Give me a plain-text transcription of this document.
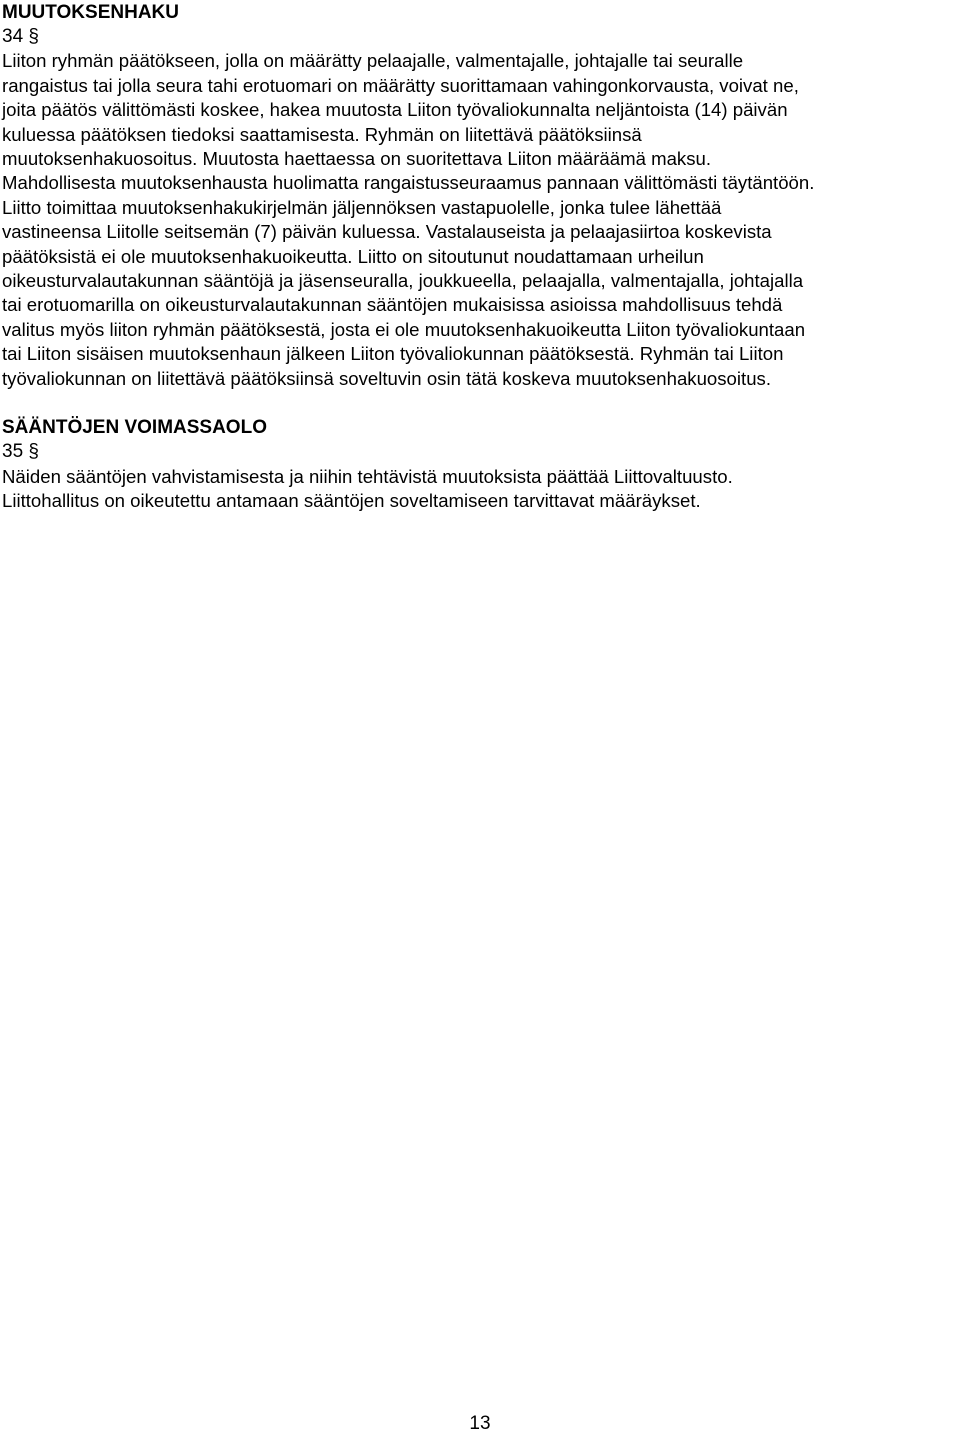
MUUTOKSENHAKU

34 §

Liiton ryhmän päätökseen, jolla on määrätty pelaajalle, valmentajalle, johtajalle tai seuralle
rangaistus tai jolla seura tahi erotuomari on määrätty suorittamaan vahingonkorvausta, voivat ne,
joita päätös välittömästi koskee, hakea muutosta Liiton työvaliokunnalta neljäntoista (14) päivän
kuluessa päätöksen tiedoksi saattamisesta. Ryhmän on liitettävä päätöksiinsä
muutoksenhakuosoitus. Muutosta haettaessa on suoritettava Liiton määräämä maksu.
Mahdollisesta muutoksenhausta huolimatta rangaistusseuraamus pannaan välittömästi täytäntöön.
Liitto toimittaa muutoksenhakukirjelmän jäljennöksen vastapuolelle, jonka tulee lähettää
vastineensa Liitolle seitsemän (7) päivän kuluessa. Vastalauseista ja pelaajasiirtoa koskevista
päätöksistä ei ole muutoksenhakuoikeutta. Liitto on sitoutunut noudattamaan urheilun
oikeusturvalautakunnan sääntöjä ja jäsenseuralla, joukkueella, pelaajalla, valmentajalla, johtajalla
tai erotuomarilla on oikeusturvalautakunnan sääntöjen mukaisissa asioissa mahdollisuus tehdä
valitus myös liiton ryhmän päätöksestä, josta ei ole muutoksenhakuoikeutta Liiton työvaliokuntaan
tai Liiton sisäisen muutoksenhaun jälkeen Liiton työvaliokunnan päätöksestä. Ryhmän tai Liiton
työvaliokunnan on liitettävä päätöksiinsä soveltuvin osin tätä koskeva muutoksenhakuosoitus.

SÄÄNTÖJEN VOIMASSAOLO

35 §

Näiden sääntöjen vahvistamisesta ja niihin tehtävistä muutoksista päättää Liittovaltuusto.
Liittohallitus on oikeutettu antamaan sääntöjen soveltamiseen tarvittavat määräykset.

13
